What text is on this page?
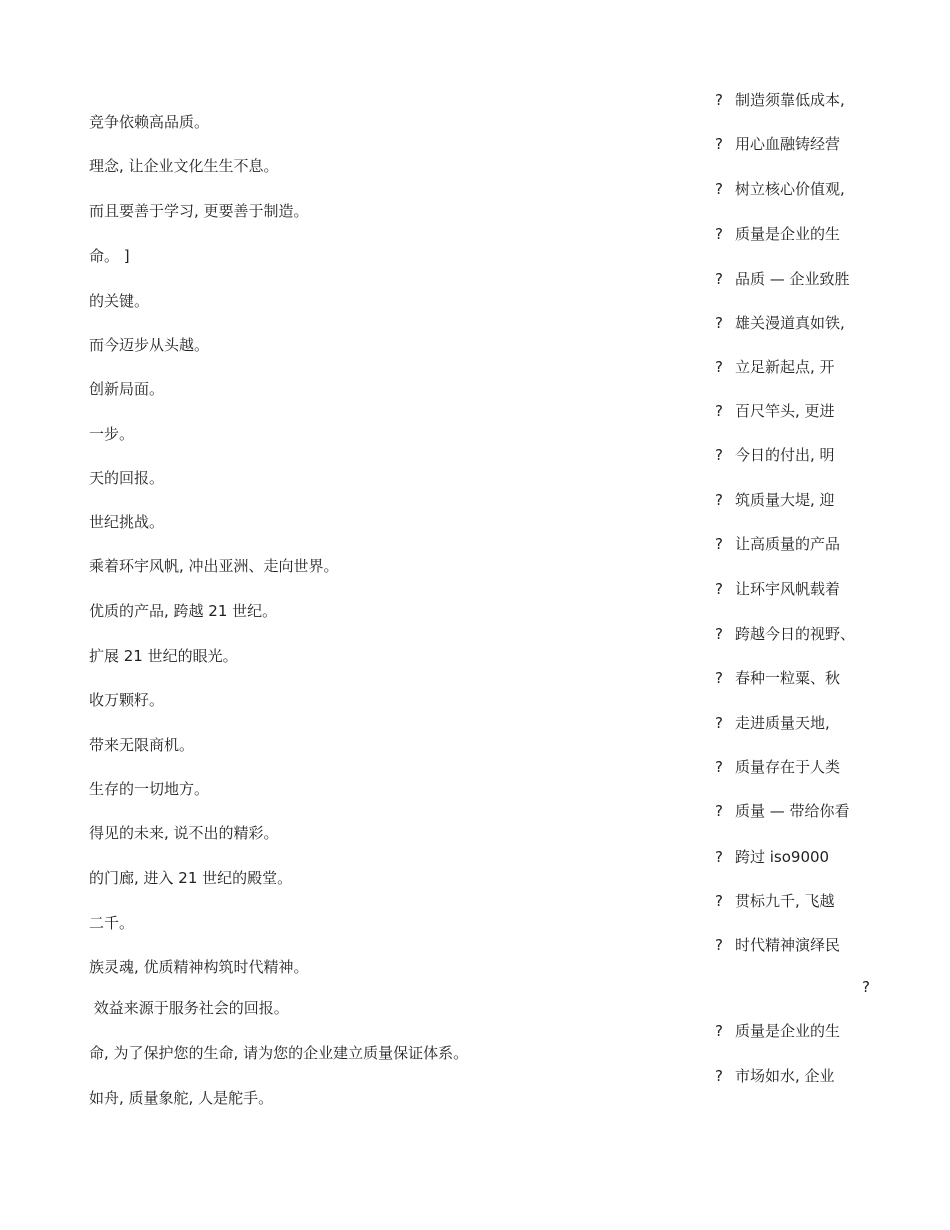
? 制造须靠低成本,
? 用心血融铸经营
? 树立核心价值观,
? 质量是企业的生
? 品质 — 企业致胜
? 雄关漫道真如铁,
? 立足新起点, 开
? 百尺竿头, 更进
? 今日的付出, 明
? 筑质量大堤, 迎
? 让高质量的产品
? 让环宇风帆载着
? 跨越今日的视野、
? 春种一粒粟、秋
? 走进质量天地,
? 质量存在于人类
? 质量 — 带给你看
? 跨过 iso9000
? 贯标九千, 飞越
? 时代精神演绎民
?
? 质量是企业的生
? 市场如水, 企业
竞争依赖高品质。
理念, 让企业文化生生不息。
而且要善于学习, 更要善于制造。
命。 ]
的关键。
而今迈步从头越。
创新局面。
一步。
天的回报。
世纪挑战。
乘着环宇风帆, 冲出亚洲、走向世界。
优质的产品, 跨越 21 世纪。
扩展 21 世纪的眼光。
收万颗籽。
带来无限商机。
生存的一切地方。
得见的未来, 说不出的精彩。
的门廊, 进入 21 世纪的殿堂。
二千。
族灵魂, 优质精神构筑时代精神。
效益来源于服务社会的回报。
命, 为了保护您的生命, 请为您的企业建立质量保证体系。
如舟, 质量象舵, 人是舵手。
